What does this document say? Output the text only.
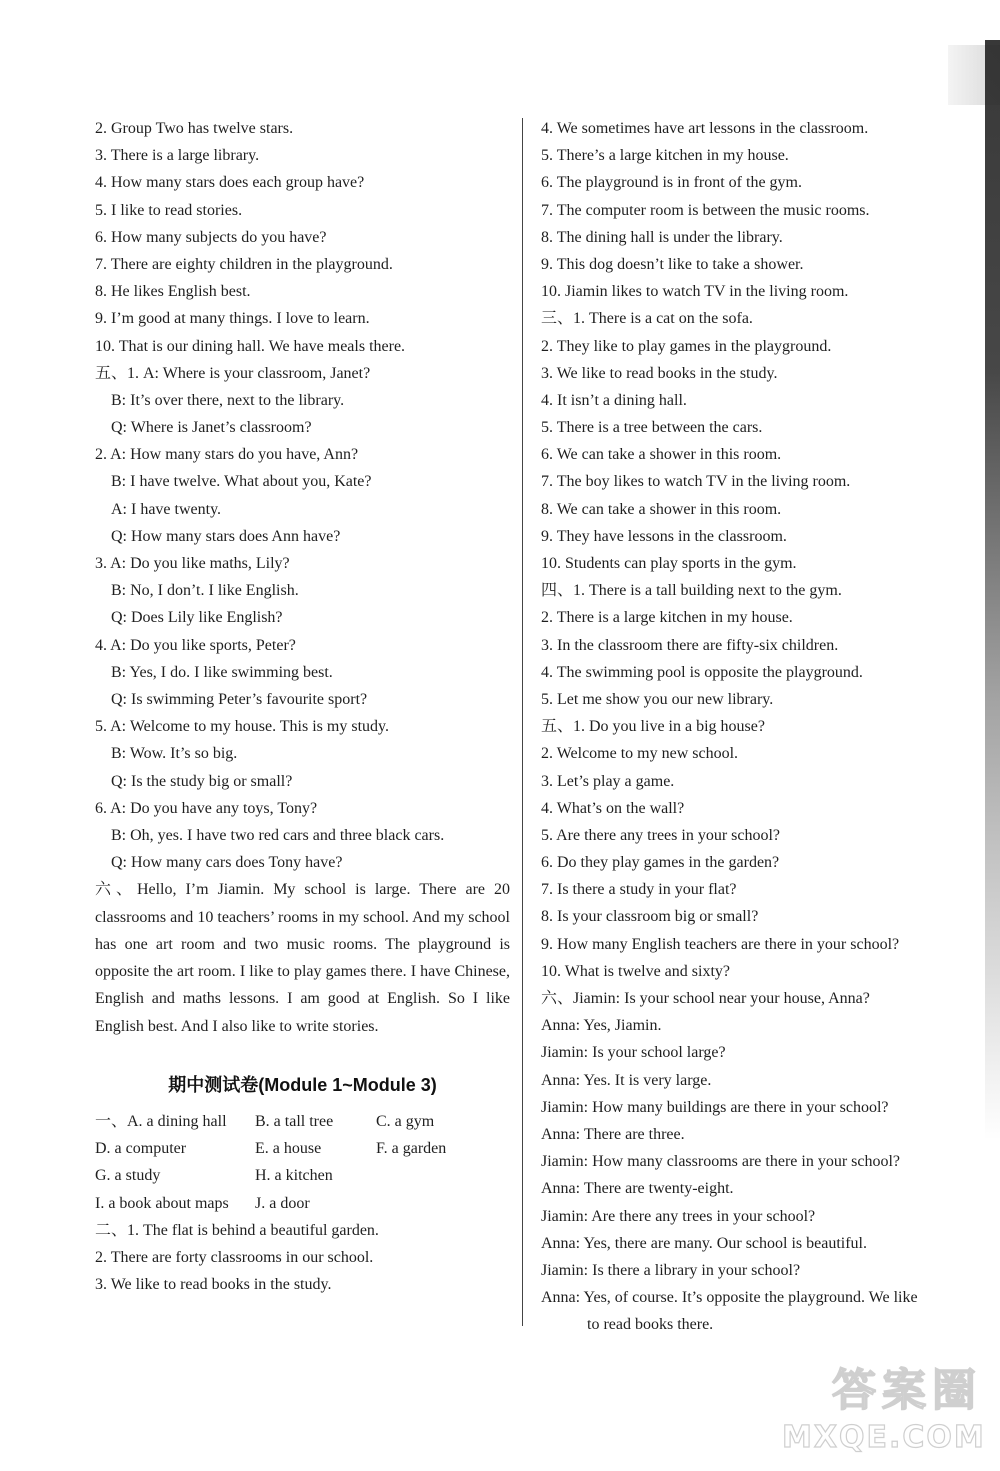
2. Group Two has twelve stars.
3. There is a large library.
4. How many stars does each group have?
5. I like to read stories.
6. How many subjects do you have?
7. There are eighty children in the playground.
8. He likes English best.
9. I’m good at many things. I love to learn.
10. That is our dining hall. We have meals there.
五、1. A: Where is your classroom, Janet?
B: It’s over there, next to the library.
Q: Where is Janet’s classroom?
2. A: How many stars do you have, Ann?
B: I have twelve. What about you, Kate?
A: I have twenty.
Q: How many stars does Ann have?
3. A: Do you like maths, Lily?
B: No, I don’t. I like English.
Q: Does Lily like English?
4. A: Do you like sports, Peter?
B: Yes, I do. I like swimming best.
Q: Is swimming Peter’s favourite sport?
5. A: Welcome to my house. This is my study.
B: Wow. It’s so big.
Q: Is the study big or small?
6. A: Do you have any toys, Tony?
B: Oh, yes. I have two red cars and three black cars.
Q: How many cars does Tony have?
六、Hello, I’m Jiamin. My school is large. There are 20 classrooms and 10 teachers’ rooms in my school. And my school has one art room and two music rooms. The playground is opposite the art room. I like to play games there. I have Chinese, English and maths lessons. I am good at English. So I like English best. And I also like to write stories.
期中测试卷(Module 1~Module 3)
一、A. a dining hall	B. a tall tree	C. a gym
D. a computer	E. a house	F. a garden
G. a study	H. a kitchen
I. a book about maps	J. a door
二、1. The flat is behind a beautiful garden.
2. There are forty classrooms in our school.
3. We like to read books in the study.
4. We sometimes have art lessons in the classroom.
5. There’s a large kitchen in my house.
6. The playground is in front of the gym.
7. The computer room is between the music rooms.
8. The dining hall is under the library.
9. This dog doesn’t like to take a shower.
10. Jiamin likes to watch TV in the living room.
三、1. There is a cat on the sofa.
2. They like to play games in the playground.
3. We like to read books in the study.
4. It isn’t a dining hall.
5. There is a tree between the cars.
6. We can take a shower in this room.
7. The boy likes to watch TV in the living room.
8. We can take a shower in this room.
9. They have lessons in the classroom.
10. Students can play sports in the gym.
四、1. There is a tall building next to the gym.
2. There is a large kitchen in my house.
3. In the classroom there are fifty-six children.
4. The swimming pool is opposite the playground.
5. Let me show you our new library.
五、1. Do you live in a big house?
2. Welcome to my new school.
3. Let’s play a game.
4. What’s on the wall?
5. Are there any trees in your school?
6. Do they play games in the garden?
7. Is there a study in your flat?
8. Is your classroom big or small?
9. How many English teachers are there in your school?
10. What is twelve and sixty?
六、Jiamin: Is your school near your house, Anna?
Anna: Yes, Jiamin.
Jiamin: Is your school large?
Anna: Yes. It is very large.
Jiamin: How many buildings are there in your school?
Anna: There are three.
Jiamin: How many classrooms are there in your school?
Anna: There are twenty-eight.
Jiamin: Are there any trees in your school?
Anna: Yes, there are many. Our school is beautiful.
Jiamin: Is there a library in your school?
Anna: Yes, of course. It’s opposite the playground. We like
to read books there.
答案圈
MXQE.COM
